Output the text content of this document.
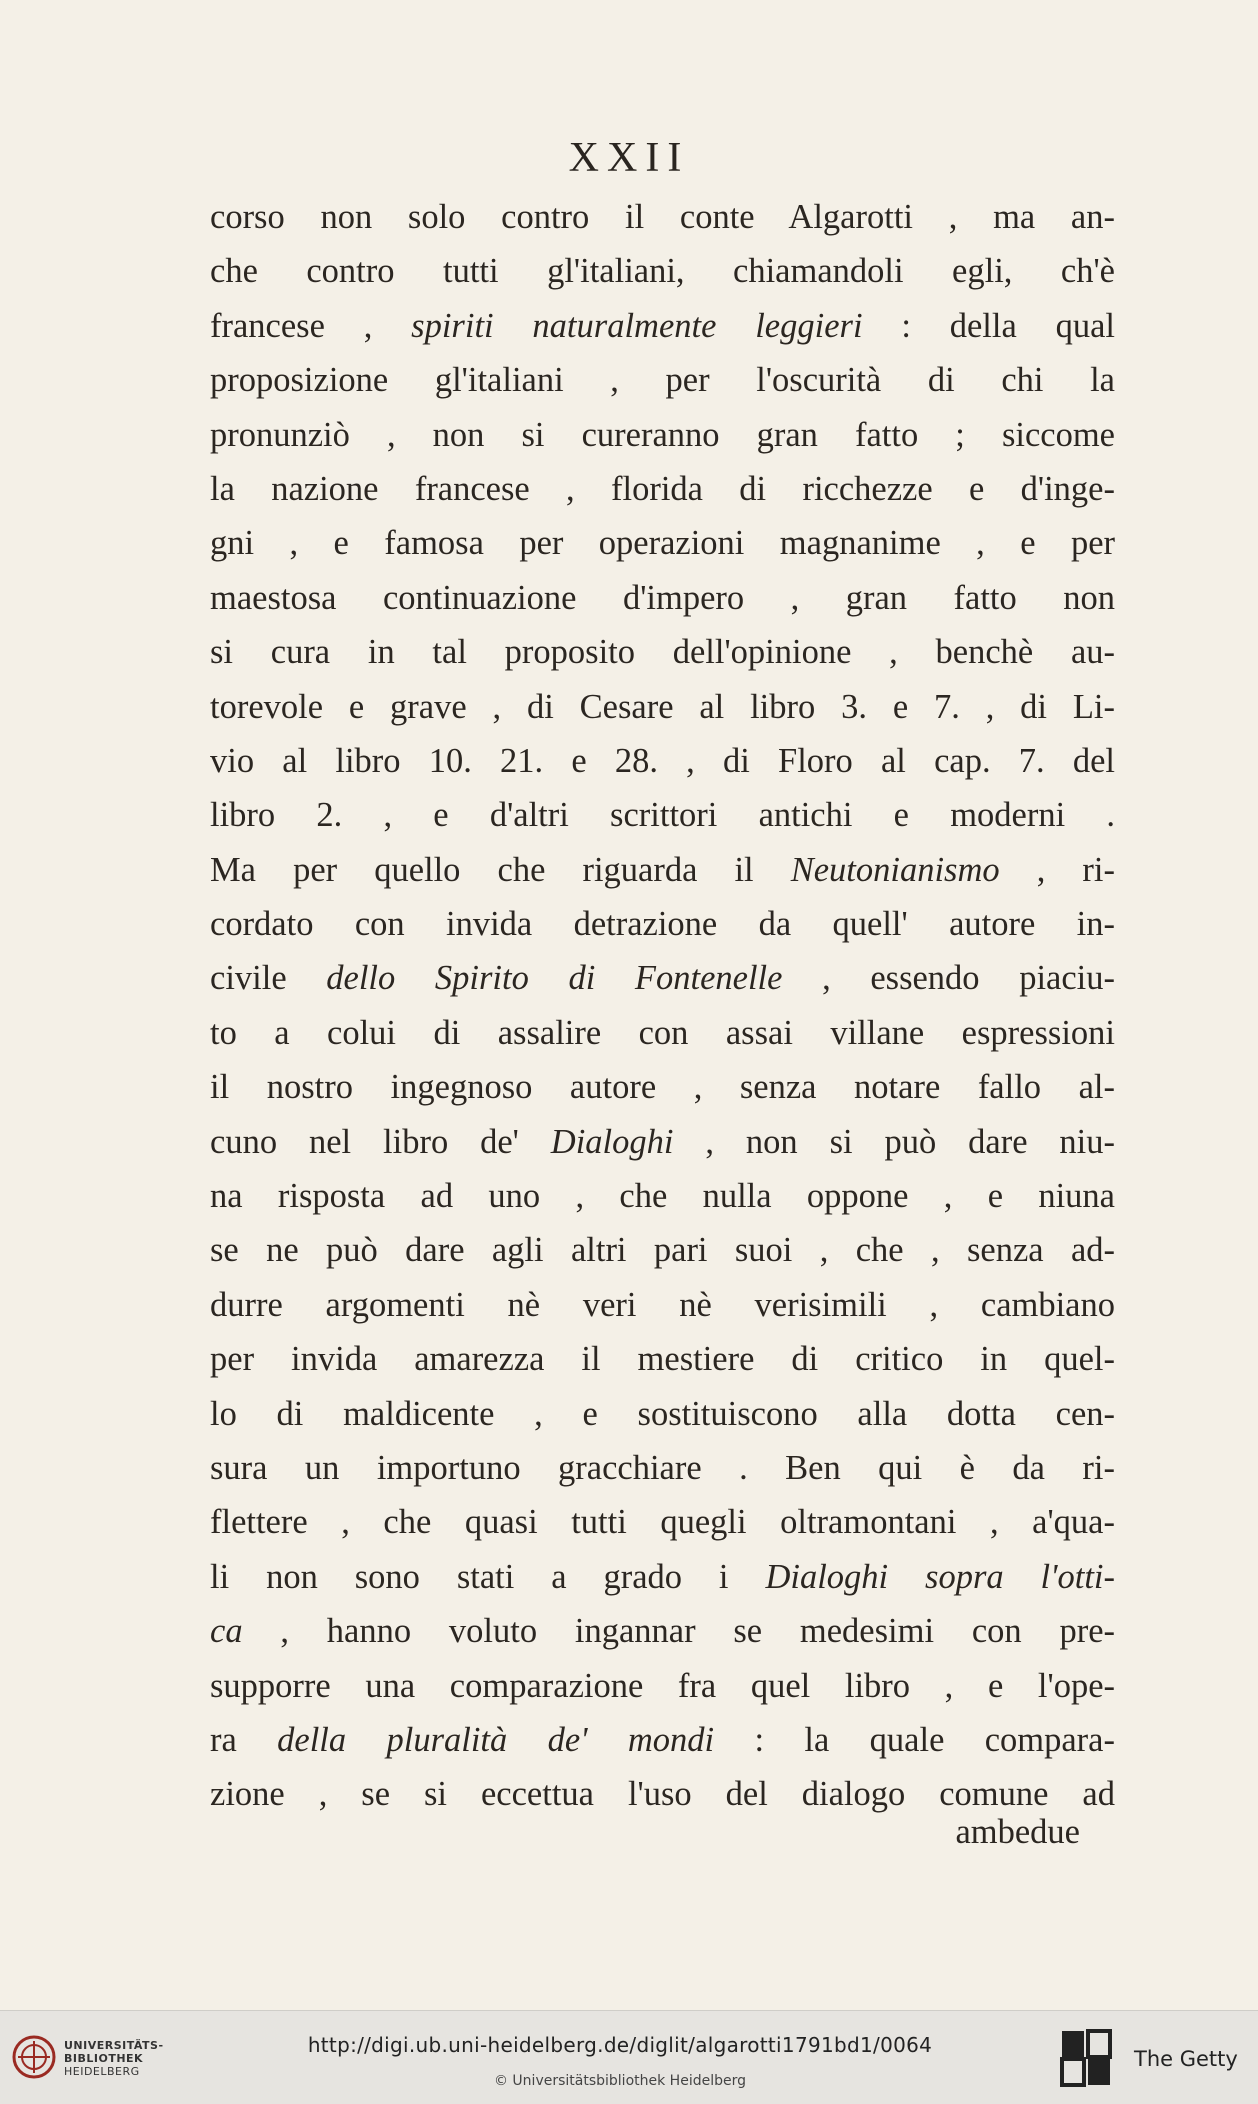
XXII
corso non solo contro il conte Algarotti , ma an-
che contro tutti gl'italiani, chiamandoli egli, ch'è
francese , spiriti naturalmente leggieri : della qual
proposizione gl'italiani , per l'oscurità di chi la
pronunziò , non si cureranno gran fatto ; siccome
la nazione francese , florida di ricchezze e d'inge-
gni , e famosa per operazioni magnanime , e per
maestosa continuazione d'impero , gran fatto non
si cura in tal proposito dell'opinione , benchè au-
torevole e grave , di Cesare al libro 3. e 7. , di Li-
vio al libro 10. 21. e 28. , di Floro al cap. 7. del
libro 2. , e d'altri scrittori antichi e moderni .
Ma per quello che riguarda il Neutonianismo , ri-
cordato con invida detrazione da quell' autore in-
civile dello Spirito di Fontenelle , essendo piaciu-
to a colui di assalire con assai villane espressioni
il nostro ingegnoso autore , senza notare fallo al-
cuno nel libro de' Dialoghi , non si può dare niu-
na risposta ad uno , che nulla oppone , e niuna
se ne può dare agli altri pari suoi , che , senza ad-
durre argomenti nè veri nè verisimili , cambiano
per invida amarezza il mestiere di critico in quel-
lo di maldicente , e sostituiscono alla dotta cen-
sura un importuno gracchiare . Ben qui è da ri-
flettere , che quasi tutti quegli oltramontani , a'qua-
li non sono stati a grado i Dialoghi sopra l'otti-
ca , hanno voluto ingannar se medesimi con pre-
supporre una comparazione fra quel libro , e l'ope-
ra della pluralità de' mondi : la quale compara-
zione , se si eccettua l'uso del dialogo comune ad
ambedue
UNIVERSITÄTS-
BIBLIOTHEK
HEIDELBERG
http://digi.ub.uni-heidelberg.de/diglit/algarotti1791bd1/0064
© Universitätsbibliothek Heidelberg
The Getty
